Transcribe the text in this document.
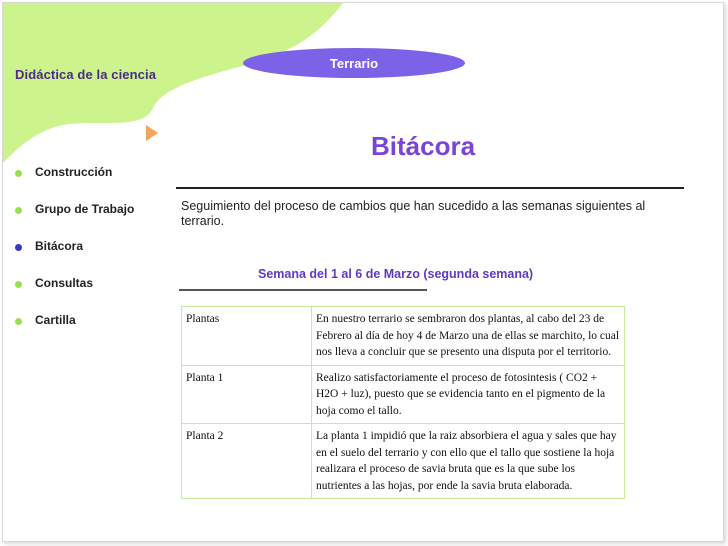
Didáctica de la ciencia
Terrario
Construcción
Grupo de Trabajo
Bitácora
Consultas
Cartilla
Bitácora
Seguimiento del proceso de cambios que han sucedido a las semanas siguientes al terrario.
Semana del 1 al 6 de Marzo (segunda semana)
Plantas	En nuestro terrario se sembraron dos plantas, al cabo del 23 de Febrero al día de hoy 4 de Marzo una de ellas se marchito, lo cual nos lleva a concluir que se presento una disputa por el territorio.
Planta 1	Realizo satisfactoriamente el proceso de fotosintesis ( CO2 + H2O + luz), puesto que se evidencia tanto en el pigmento de la hoja como el tallo.
Planta 2	La planta 1 impidió que la raiz absorbiera el agua y sales que hay en el suelo del terrario y con ello que el tallo que sostiene la hoja realizara el proceso de savia bruta que es la que sube los nutrientes a las hojas, por ende la savia bruta elaborada.
